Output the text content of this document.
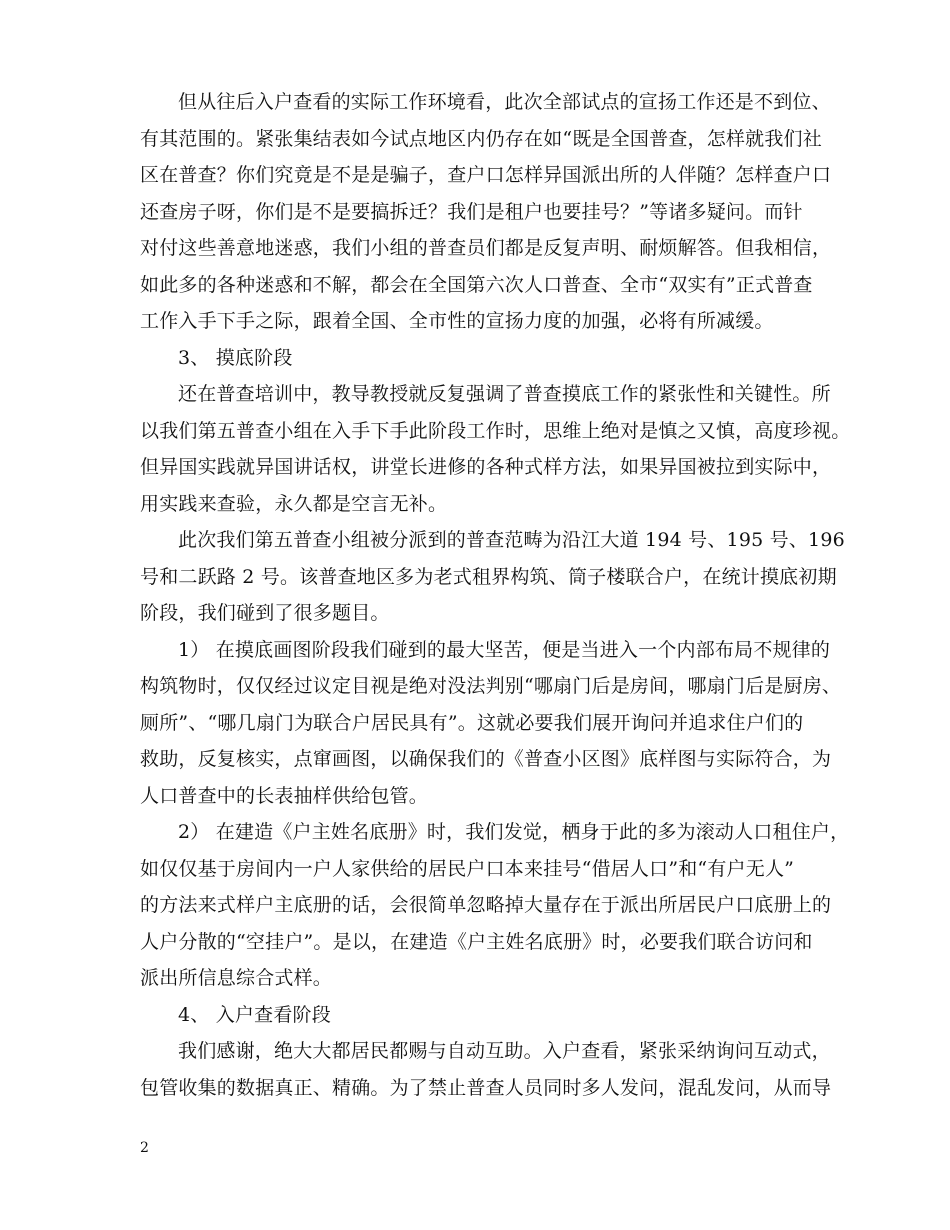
但从往后入户查看的实际工作环境看，此次全部试点的宣扬工作还是不到位、
有其范围的。紧张集结表如今试点地区内仍存在如“既是全国普查，怎样就我们社
区在普查？你们究竟是不是是骗子，查户口怎样异国派出所的人伴随？怎样查户口
还查房子呀，你们是不是要搞拆迁？我们是租户也要挂号？”等诸多疑问。而针
对付这些善意地迷惑，我们小组的普查员们都是反复声明、耐烦解答。但我相信，
如此多的各种迷惑和不解，都会在全国第六次人口普查、全市“双实有”正式普查
工作入手下手之际，跟着全国、全市性的宣扬力度的加强，必将有所减缓。
3、 摸底阶段
还在普查培训中，教导教授就反复强调了普查摸底工作的紧张性和关键性。所
以我们第五普查小组在入手下手此阶段工作时，思维上绝对是慎之又慎，高度珍视。
但异国实践就异国讲话权，讲堂长进修的各种式样方法，如果异国被拉到实际中，
用实践来查验，永久都是空言无补。
此次我们第五普查小组被分派到的普查范畴为沿江大道 194 号、195 号、196
号和二跃路 2 号。该普查地区多为老式租界构筑、筒子楼联合户，在统计摸底初期
阶段，我们碰到了很多题目。
1） 在摸底画图阶段我们碰到的最大坚苦，便是当进入一个内部布局不规律的
构筑物时，仅仅经过议定目视是绝对没法判别“哪扇门后是房间，哪扇门后是厨房、
厕所”、“哪几扇门为联合户居民具有”。这就必要我们展开询问并追求住户们的
救助，反复核实，点窜画图，以确保我们的《普查小区图》底样图与实际符合，为
人口普查中的长表抽样供给包管。
2） 在建造《户主姓名底册》时，我们发觉，栖身于此的多为滚动人口租住户，
如仅仅基于房间内一户人家供给的居民户口本来挂号“借居人口”和“有户无人”
的方法来式样户主底册的话，会很简单忽略掉大量存在于派出所居民户口底册上的
人户分散的“空挂户”。是以，在建造《户主姓名底册》时，必要我们联合访问和
派出所信息综合式样。
4、 入户查看阶段
我们感谢，绝大大都居民都赐与自动互助。入户查看，紧张采纳询问互动式，
包管收集的数据真正、精确。为了禁止普查人员同时多人发问，混乱发问，从而导
2
